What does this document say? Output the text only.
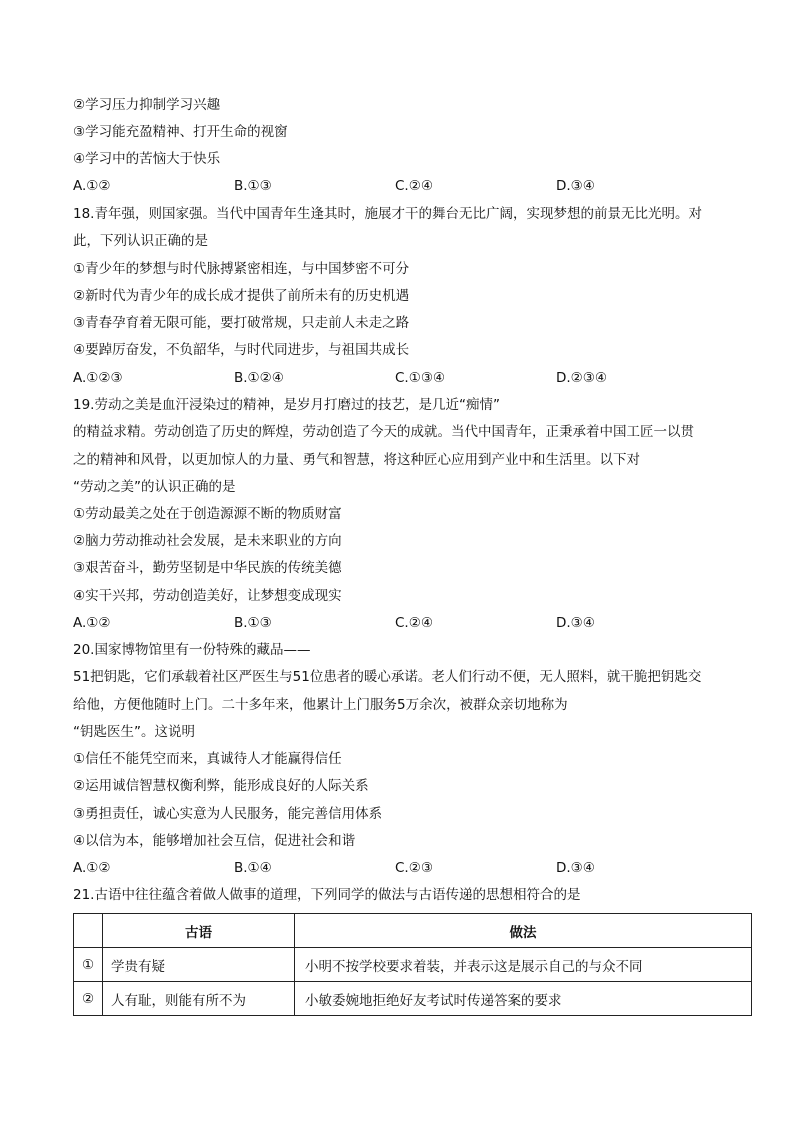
②学习压力抑制学习兴趣
③学习能充盈精神、打开生命的视窗
④学习中的苦恼大于快乐
A.①②	B.①③	C.②④	D.③④
18.青年强，则国家强。当代中国青年生逢其时，施展才干的舞台无比广阔，实现梦想的前景无比光明。对
此，下列认识正确的是
①青少年的梦想与时代脉搏紧密相连，与中国梦密不可分
②新时代为青少年的成长成才提供了前所未有的历史机遇
③青春孕育着无限可能，要打破常规，只走前人未走之路
④要踔厉奋发，不负韶华，与时代同进步，与祖国共成长
A.①②③	B.①②④	C.①③④	D.②③④
19.劳动之美是血汗浸染过的精神，是岁月打磨过的技艺，是几近“痴情”
的精益求精。劳动创造了历史的辉煌，劳动创造了今天的成就。当代中国青年，正秉承着中国工匠一以贯
之的精神和风骨，以更加惊人的力量、勇气和智慧，将这种匠心应用到产业中和生活里。以下对
“劳动之美”的认识正确的是
①劳动最美之处在于创造源源不断的物质财富
②脑力劳动推动社会发展，是未来职业的方向
③艰苦奋斗，勤劳坚韧是中华民族的传统美德
④实干兴邦，劳动创造美好，让梦想变成现实
A.①②	B.①③	C.②④	D.③④
20.国家博物馆里有一份特殊的藏品——
51把钥匙，它们承载着社区严医生与51位患者的暖心承诺。老人们行动不便，无人照料，就干脆把钥匙交
给他，方便他随时上门。二十多年来，他累计上门服务5万余次，被群众亲切地称为
“钥匙医生”。这说明
①信任不能凭空而来，真诚待人才能赢得信任
②运用诚信智慧权衡利弊，能形成良好的人际关系
③勇担责任，诚心实意为人民服务，能完善信用体系
④以信为本，能够增加社会互信，促进社会和谐
A.①②	B.①④	C.②③	D.③④
21.古语中往往蕴含着做人做事的道理，下列同学的做法与古语传递的思想相符合的是
	古语	做法
①	学贵有疑	小明不按学校要求着装，并表示这是展示自己的与众不同
②	人有耻，则能有所不为	小敏委婉地拒绝好友考试时传递答案的要求
